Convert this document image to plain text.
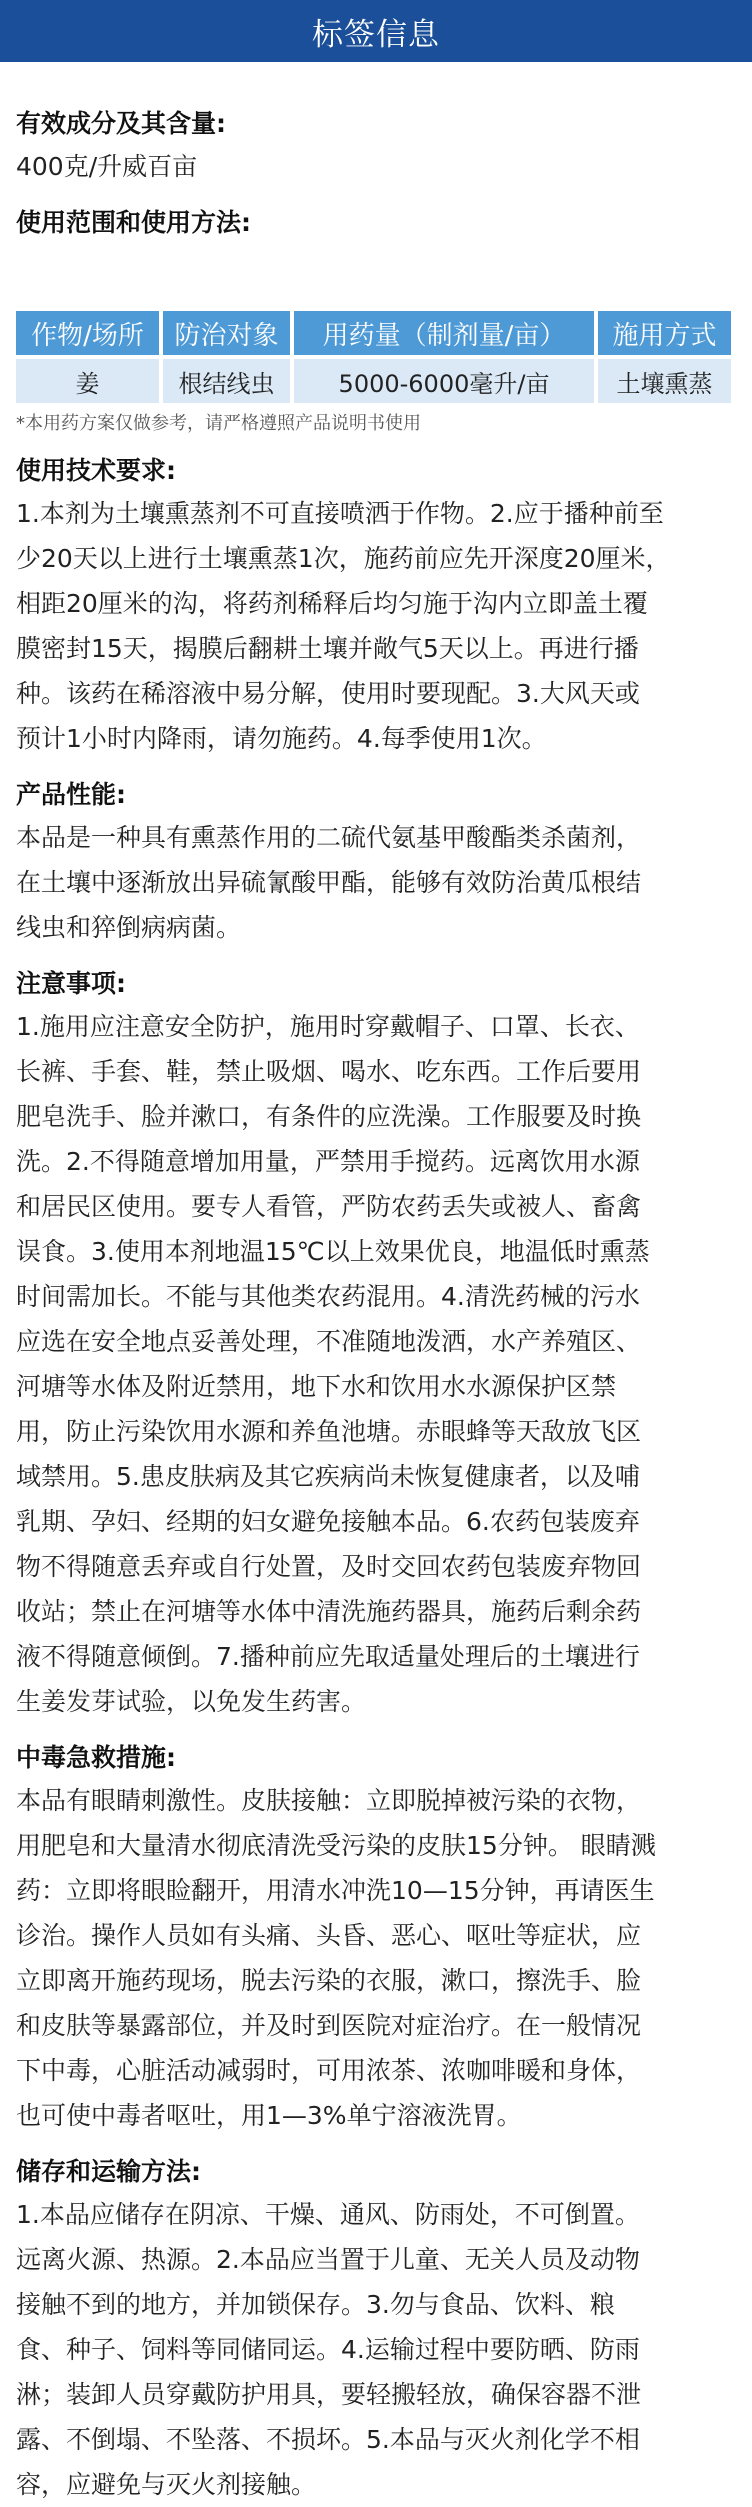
标签信息
有效成分及其含量:
400克/升威百亩
使用范围和使用方法:
作物/场所	防治对象	用药量（制剂量/亩）	施用方式
姜	根结线虫	5000-6000毫升/亩	土壤熏蒸
*本用药方案仅做参考，请严格遵照产品说明书使用
使用技术要求:
1.本剂为土壤熏蒸剂不可直接喷洒于作物。2.应于播种前至
少20天以上进行土壤熏蒸1次，施药前应先开深度20厘米，
相距20厘米的沟，将药剂稀释后均匀施于沟内立即盖土覆
膜密封15天，揭膜后翻耕土壤并敞气5天以上。再进行播
种。该药在稀溶液中易分解，使用时要现配。3.大风天或
预计1小时内降雨，请勿施药。4.每季使用1次。
产品性能:
本品是一种具有熏蒸作用的二硫代氨基甲酸酯类杀菌剂，
在土壤中逐渐放出异硫氰酸甲酯，能够有效防治黄瓜根结
线虫和猝倒病病菌。
注意事项:
1.施用应注意安全防护，施用时穿戴帽子、口罩、长衣、
长裤、手套、鞋，禁止吸烟、喝水、吃东西。工作后要用
肥皂洗手、脸并漱口，有条件的应洗澡。工作服要及时换
洗。2.不得随意增加用量，严禁用手搅药。远离饮用水源
和居民区使用。要专人看管，严防农药丢失或被人、畜禽
误食。3.使用本剂地温15℃以上效果优良，地温低时熏蒸
时间需加长。不能与其他类农药混用。4.清洗药械的污水
应选在安全地点妥善处理，不准随地泼洒，水产养殖区、
河塘等水体及附近禁用，地下水和饮用水水源保护区禁
用，防止污染饮用水源和养鱼池塘。赤眼蜂等天敌放飞区
域禁用。5.患皮肤病及其它疾病尚未恢复健康者，以及哺
乳期、孕妇、经期的妇女避免接触本品。6.农药包装废弃
物不得随意丢弃或自行处置，及时交回农药包装废弃物回
收站；禁止在河塘等水体中清洗施药器具，施药后剩余药
液不得随意倾倒。7.播种前应先取适量处理后的土壤进行
生姜发芽试验，以免发生药害。
中毒急救措施:
本品有眼睛刺激性。皮肤接触：立即脱掉被污染的衣物，
用肥皂和大量清水彻底清洗受污染的皮肤15分钟。 眼睛溅
药：立即将眼睑翻开，用清水冲洗10—15分钟，再请医生
诊治。操作人员如有头痛、头昏、恶心、呕吐等症状，应
立即离开施药现场，脱去污染的衣服，漱口，擦洗手、脸
和皮肤等暴露部位，并及时到医院对症治疗。在一般情况
下中毒，心脏活动减弱时，可用浓茶、浓咖啡暖和身体，
也可使中毒者呕吐，用1—3%单宁溶液洗胃。
储存和运输方法:
1.本品应储存在阴凉、干燥、通风、防雨处，不可倒置。
远离火源、热源。2.本品应当置于儿童、无关人员及动物
接触不到的地方，并加锁保存。3.勿与食品、饮料、粮
食、种子、饲料等同储同运。4.运输过程中要防晒、防雨
淋；装卸人员穿戴防护用具，要轻搬轻放，确保容器不泄
露、不倒塌、不坠落、不损坏。5.本品与灭火剂化学不相
容，应避免与灭火剂接触。
